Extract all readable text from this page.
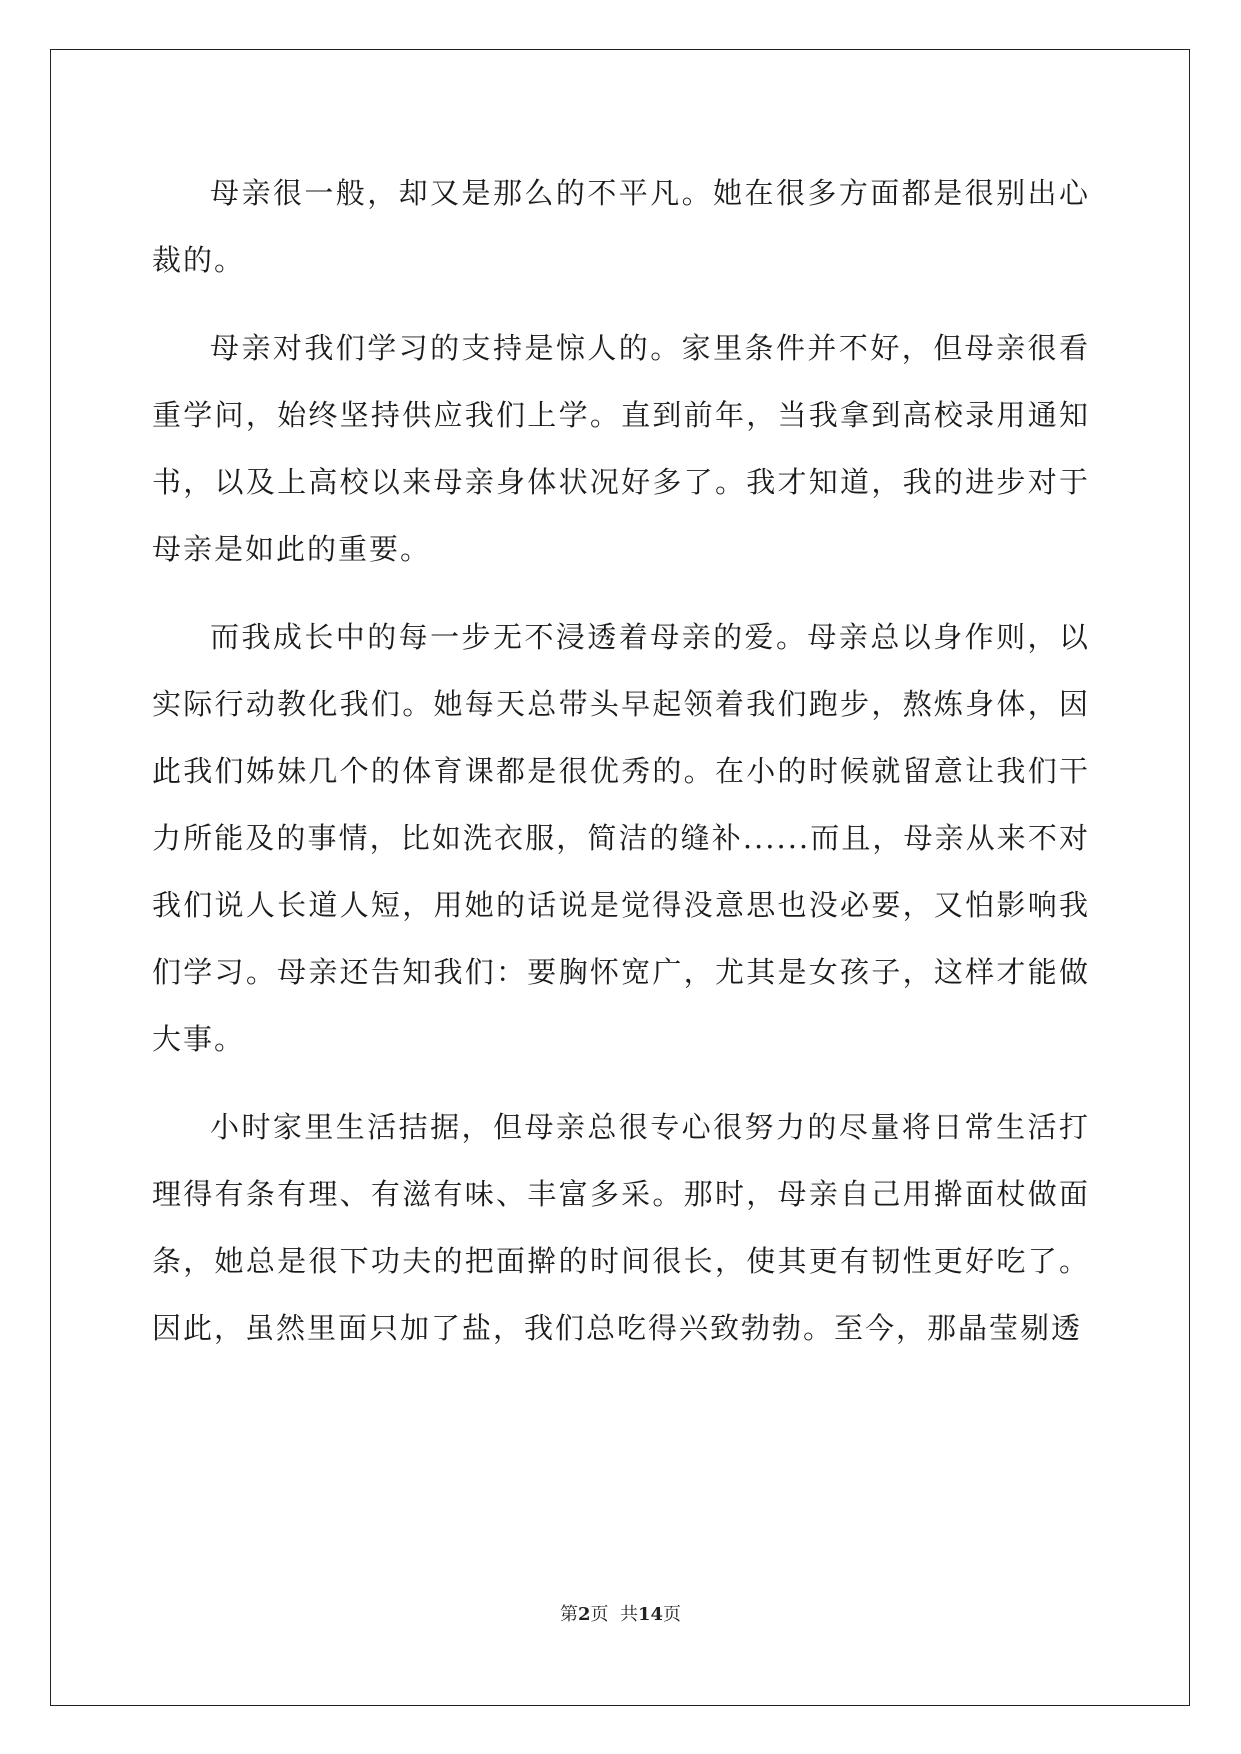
母亲很一般，却又是那么的不平凡。她在很多方面都是很别出心裁的。

母亲对我们学习的支持是惊人的。家里条件并不好，但母亲很看重学问，始终坚持供应我们上学。直到前年，当我拿到高校录用通知书，以及上高校以来母亲身体状况好多了。我才知道，我的进步对于母亲是如此的重要。

而我成长中的每一步无不浸透着母亲的爱。母亲总以身作则，以实际行动教化我们。她每天总带头早起领着我们跑步，熬炼身体，因此我们姊妹几个的体育课都是很优秀的。在小的时候就留意让我们干力所能及的事情，比如洗衣服，简洁的缝补......而且，母亲从来不对我们说人长道人短，用她的话说是觉得没意思也没必要，又怕影响我们学习。母亲还告知我们：要胸怀宽广，尤其是女孩子，这样才能做大事。

小时家里生活拮据，但母亲总很专心很努力的尽量将日常生活打理得有条有理、有滋有味、丰富多采。那时，母亲自己用擀面杖做面条，她总是很下功夫的把面擀的时间很长，使其更有韧性更好吃了。因此，虽然里面只加了盐，我们总吃得兴致勃勃。至今，那晶莹剔透

第2页  共14页
